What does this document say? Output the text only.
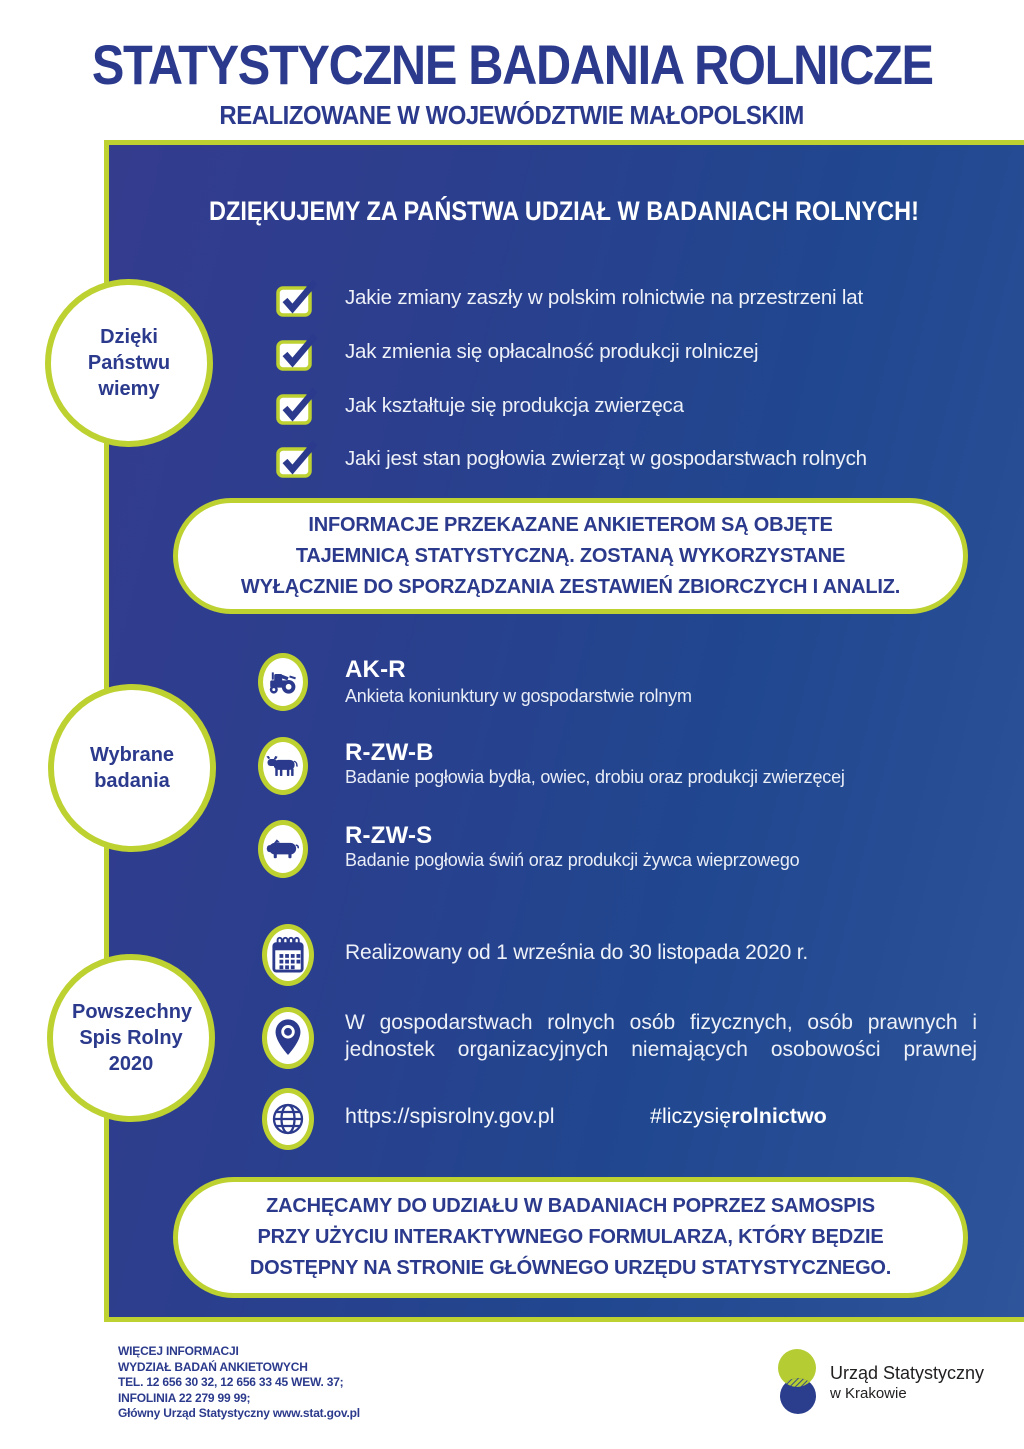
STATYSTYCZNE BADANIA ROLNICZE
REALIZOWANE W WOJEWÓDZTWIE MAŁOPOLSKIM
DZIĘKUJEMY ZA PAŃSTWA UDZIAŁ W BADANIACH ROLNYCH!
Dzięki Państwu wiemy
Wybrane badania
Powszechny Spis Rolny 2020
Jakie zmiany zaszły w polskim rolnictwie na przestrzeni lat
Jak zmienia się opłacalność produkcji rolniczej
Jak kształtuje się produkcja zwierzęca
Jaki jest stan pogłowia zwierząt w gospodarstwach rolnych
INFORMACJE PRZEKAZANE ANKIETEROM SĄ OBJĘTE
TAJEMNICĄ STATYSTYCZNĄ. ZOSTANĄ WYKORZYSTANE
WYŁĄCZNIE DO SPORZĄDZANIA ZESTAWIEŃ ZBIORCZYCH I ANALIZ.
AK-R
Ankieta koniunktury w gospodarstwie rolnym
R-ZW-B
Badanie pogłowia bydła, owiec, drobiu oraz produkcji zwierzęcej
R-ZW-S
Badanie pogłowia świń oraz produkcji żywca wieprzowego
Realizowany od 1 września do 30 listopada 2020 r.
W gospodarstwach rolnych osób fizycznych, osób prawnych i jednostek organizacyjnych niemających osobowości prawnej
https://spisrolny.gov.pl	#liczysięrolnictwo
ZACHĘCAMY DO UDZIAŁU W BADANIACH POPRZEZ SAMOSPIS
PRZY UŻYCIU INTERAKTYWNEGO FORMULARZA, KTÓRY BĘDZIE
DOSTĘPNY NA STRONIE GŁÓWNEGO URZĘDU STATYSTYCZNEGO.
WIĘCEJ INFORMACJI
WYDZIAŁ BADAŃ ANKIETOWYCH
TEL. 12 656 30 32, 12 656 33 45 WEW. 37;
INFOLINIA 22 279 99 99;
Główny Urząd Statystyczny www.stat.gov.pl
Urząd Statystyczny
w Krakowie
